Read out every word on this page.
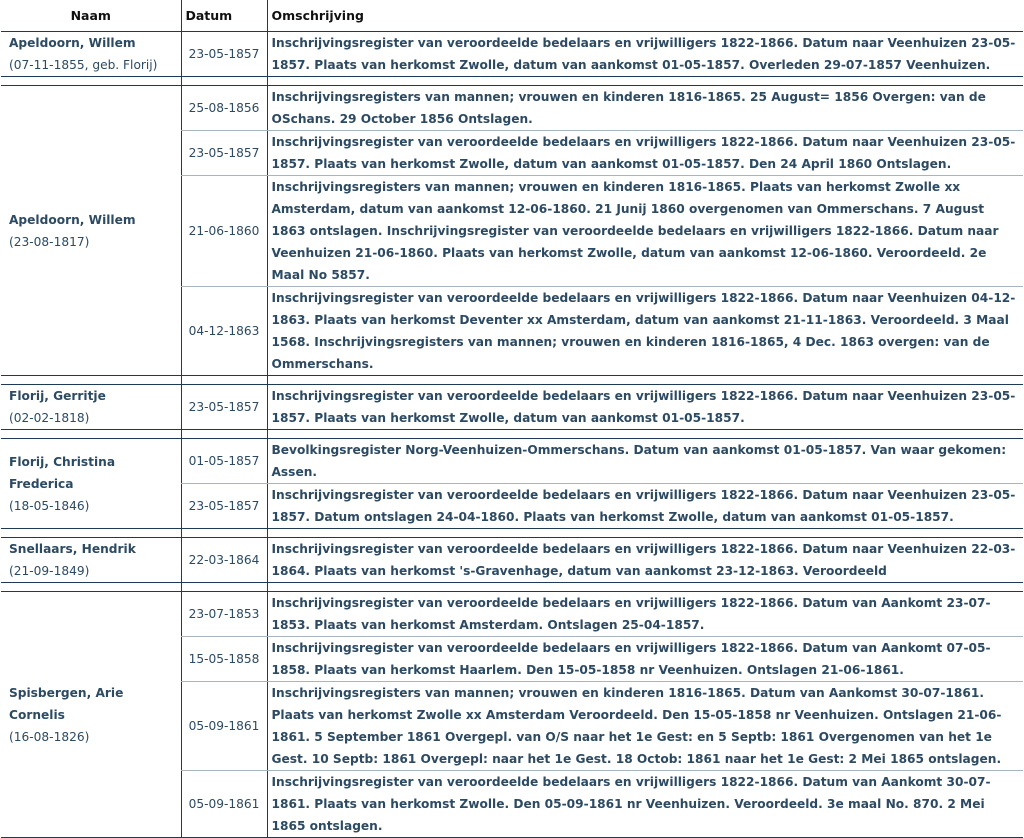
Naam	Datum	Omschrijving

Apeldoorn, Willem
(07-11-1855, geb. Florij)	23-05-1857	Inschrijvingsregister van veroordeelde bedelaars en vrijwilligers 1822-1866. Datum naar Veenhuizen 23-05-1857. Plaats van herkomst Zwolle, datum van aankomst 01-05-1857. Overleden 29-07-1857 Veenhuizen.

Apeldoorn, Willem
(23-08-1817)	25-08-1856	Inschrijvingsregisters van mannen; vrouwen en kinderen 1816-1865. 25 August= 1856 Overgen: van de OSchans. 29 October 1856 Ontslagen.
	23-05-1857	Inschrijvingsregister van veroordeelde bedelaars en vrijwilligers 1822-1866. Datum naar Veenhuizen 23-05-1857. Plaats van herkomst Zwolle, datum van aankomst 01-05-1857. Den 24 April 1860 Ontslagen.
	21-06-1860	Inschrijvingsregisters van mannen; vrouwen en kinderen 1816-1865. Plaats van herkomst Zwolle xx Amsterdam, datum van aankomst 12-06-1860. 21 Junij 1860 overgenomen van Ommerschans. 7 August 1863 ontslagen. Inschrijvingsregister van veroordeelde bedelaars en vrijwilligers 1822-1866. Datum naar Veenhuizen 21-06-1860. Plaats van herkomst Zwolle, datum van aankomst 12-06-1860. Veroordeeld. 2e Maal No 5857.
	04-12-1863	Inschrijvingsregister van veroordeelde bedelaars en vrijwilligers 1822-1866. Datum naar Veenhuizen 04-12-1863. Plaats van herkomst Deventer xx Amsterdam, datum van aankomst 21-11-1863. Veroordeeld. 3 Maal 1568. Inschrijvingsregisters van mannen; vrouwen en kinderen 1816-1865, 4 Dec. 1863 overgen: van de Ommerschans.

Florij, Gerritje
(02-02-1818)	23-05-1857	Inschrijvingsregister van veroordeelde bedelaars en vrijwilligers 1822-1866. Datum naar Veenhuizen 23-05-1857. Plaats van herkomst Zwolle, datum van aankomst 01-05-1857.

Florij, Christina Frederica
(18-05-1846)	01-05-1857	Bevolkingsregister Norg-Veenhuizen-Ommerschans. Datum van aankomst 01-05-1857. Van waar gekomen: Assen.
	23-05-1857	Inschrijvingsregister van veroordeelde bedelaars en vrijwilligers 1822-1866. Datum naar Veenhuizen 23-05-1857. Datum ontslagen 24-04-1860. Plaats van herkomst Zwolle, datum van aankomst 01-05-1857.

Snellaars, Hendrik
(21-09-1849)	22-03-1864	Inschrijvingsregister van veroordeelde bedelaars en vrijwilligers 1822-1866. Datum naar Veenhuizen 22-03-1864. Plaats van herkomst 's-Gravenhage, datum van aankomst 23-12-1863. Veroordeeld

Spisbergen, Arie Cornelis
(16-08-1826)	23-07-1853	Inschrijvingsregister van veroordeelde bedelaars en vrijwilligers 1822-1866. Datum van Aankomt 23-07-1853. Plaats van herkomst Amsterdam. Ontslagen 25-04-1857.
	15-05-1858	Inschrijvingsregister van veroordeelde bedelaars en vrijwilligers 1822-1866. Datum van Aankomt 07-05-1858. Plaats van herkomst Haarlem. Den 15-05-1858 nr Veenhuizen. Ontslagen 21-06-1861.
	05-09-1861	Inschrijvingsregisters van mannen; vrouwen en kinderen 1816-1865. Datum van Aankomst 30-07-1861. Plaats van herkomst Zwolle xx Amsterdam Veroordeeld. Den 15-05-1858 nr Veenhuizen. Ontslagen 21-06-1861. 5 September 1861 Overgepl. van O/S naar het 1e Gest: en 5 Septb: 1861 Overgenomen van het 1e Gest. 10 Septb: 1861 Overgepl: naar het 1e Gest. 18 Octob: 1861 naar het 1e Gest: 2 Mei 1865 ontslagen.
	05-09-1861	Inschrijvingsregister van veroordeelde bedelaars en vrijwilligers 1822-1866. Datum van Aankomt 30-07-1861. Plaats van herkomst Zwolle. Den 05-09-1861 nr Veenhuizen. Veroordeeld. 3e maal No. 870. 2 Mei 1865 ontslagen.
